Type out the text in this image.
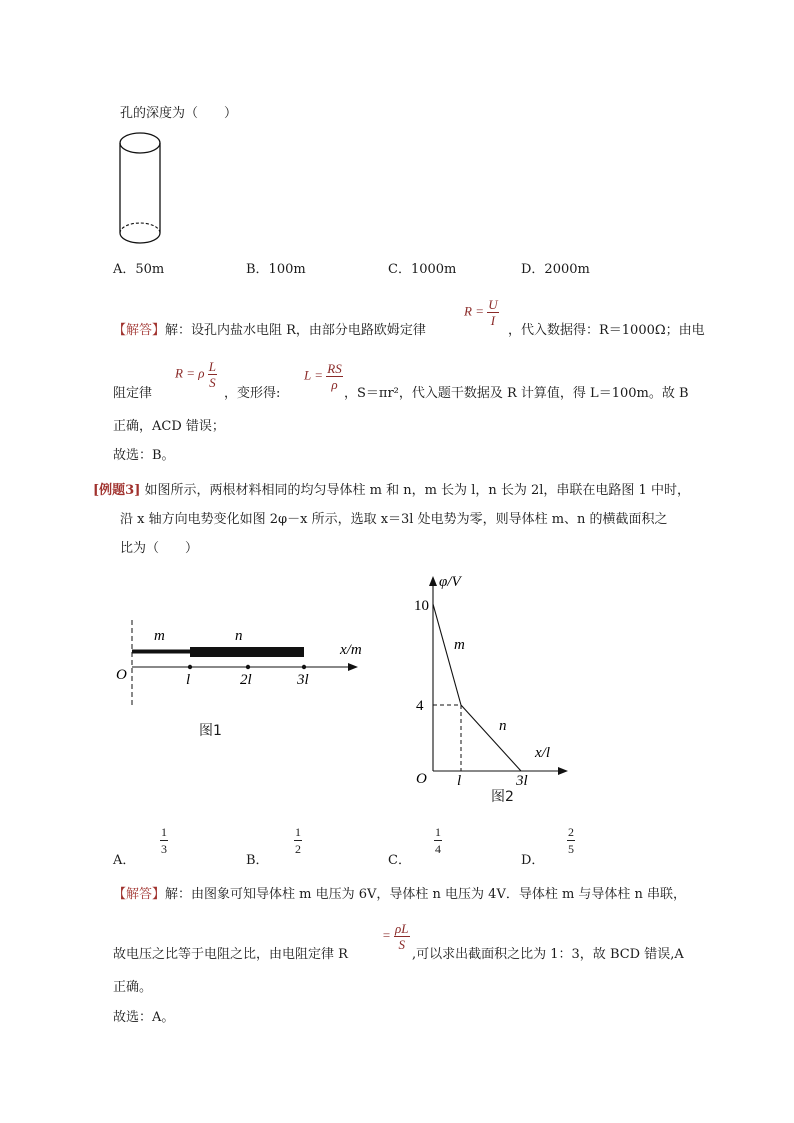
孔的深度为（　　）
A．50m	B．100m	C．1000m	D．2000m
【解答】解：设孔内盐水电阻 R，由部分电路欧姆定律
$R = \frac{U}{I}$
，代入数据得：R＝1000Ω；由电
阻定律
R = ρ $\frac{L}{S}$
，变形得:
$L = \frac{RS}{\rho}$
，S＝πr²，代入题干数据及 R 计算值，得 L＝100m。故 B
正确，ACD 错误；
故选：B。
[例题3] 如图所示，两根材料相同的均匀导体柱 m 和 n，m 长为 l，n 长为 2l，串联在电路图 1 中时，
沿 x 轴方向电势变化如图 2φ－x 所示，选取 x＝3l 处电势为零，则导体柱 m、n 的横截面积之
比为（　　）
m	n
x/m
O	l	2l	3l
图1
φ/V
x/l
10
4
O l	3l
m
n
图2
A．
$\frac{1}{3}$
B．
$\frac{1}{2}$
C．
$\frac{1}{4}$
D．
$\frac{2}{5}$
【解答】解：由图象可知导体柱 m 电压为 6V，导体柱 n 电压为 4V．导体柱 m 与导体柱 n 串联，
故电压之比等于电阻之比，由电阻定律 R
= $\frac{\rho L}{S}$
,可以求出截面积之比为 1：3，故 BCD 错误,A
正确。
故选：A。
